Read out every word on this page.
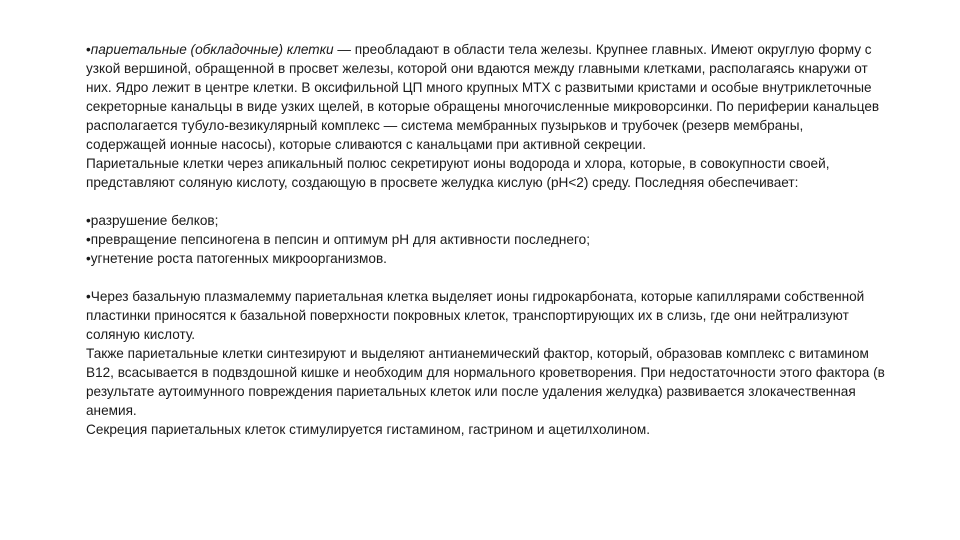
•париетальные (обкладочные) клетки — преобладают в области тела железы. Крупнее главных. Имеют округлую форму с узкой вершиной, обращенной в просвет железы, которой они вдаются между главными клетками, располагаясь кнаружи от них. Ядро лежит в центре клетки. В оксифильной ЦП много крупных МТХ с развитыми кристами и особые внутриклеточные секреторные канальцы в виде узких щелей, в которые обращены многочисленные микроворсинки. По периферии канальцев располагается тубуло-везикулярный комплекс — система мембранных пузырьков и трубочек (резерв мембраны, содержащей ионные насосы), которые сливаются с канальцами при активной секреции.

Париетальные клетки через апикальный полюс секретируют ионы водорода и хлора, которые, в совокупности своей, представляют соляную кислоту, создающую в просвете желудка кислую (рН<2) среду. Последняя обеспечивает:

•разрушение белков;

•превращение пепсиногена в пепсин и оптимум рН для активности последнего;

•угнетение роста патогенных микроорганизмов.

•Через базальную плазмалемму париетальная клетка выделяет ионы гидрокарбоната, которые капиллярами собственной пластинки приносятся к базальной поверхности покровных клеток, транспортирующих их в слизь, где они нейтрализуют соляную кислоту.

Также париетальные клетки синтезируют и выделяют антианемический фактор, который, образовав комплекс с витамином В12, всасывается в подвздошной кишке и необходим для нормального кроветворения. При недостаточности этого фактора (в результате аутоимунного повреждения париетальных клеток или после удаления желудка) развивается злокачественная анемия.

Секреция париетальных клеток стимулируется гистамином, гастрином и ацетилхолином.
